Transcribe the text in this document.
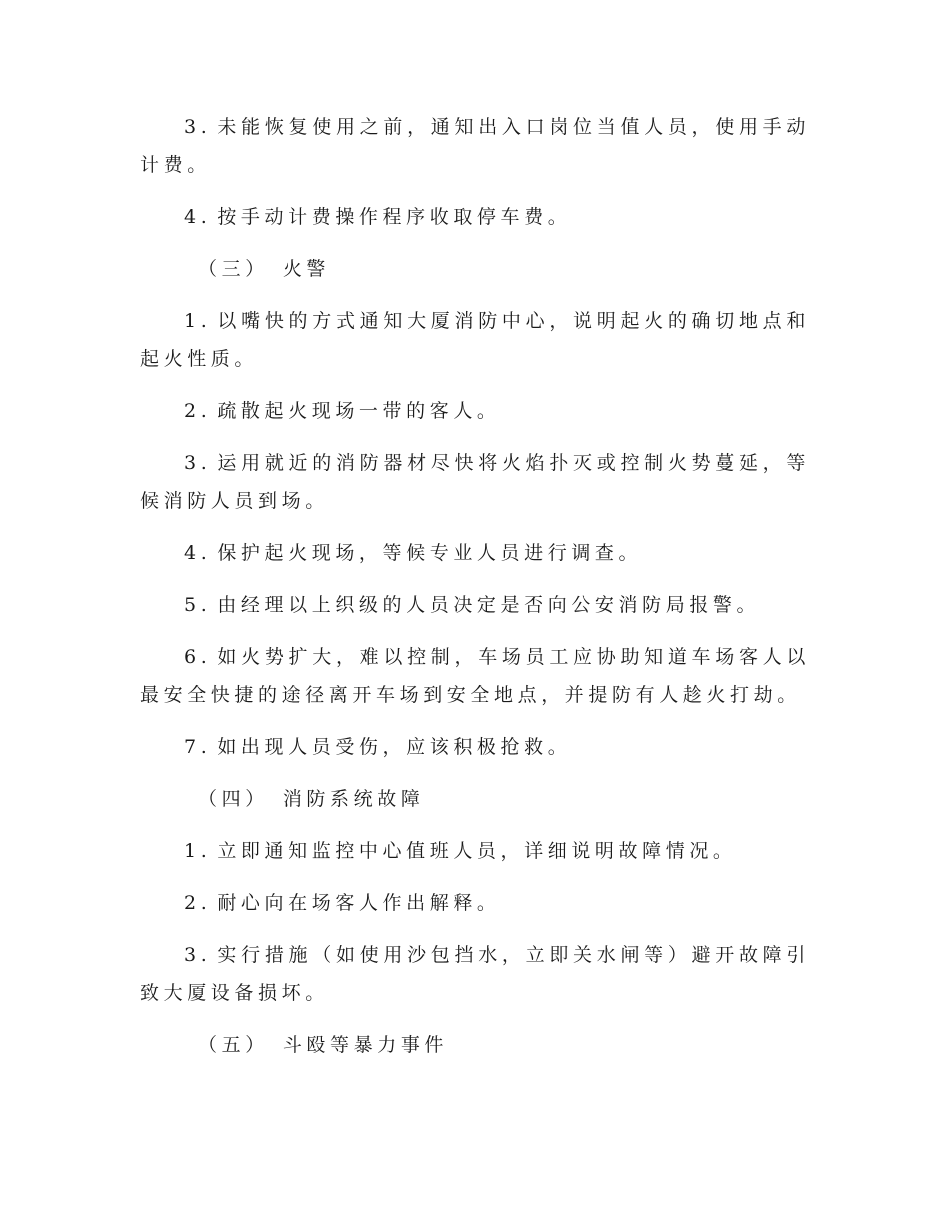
3. 未能恢复使用之前，通知出入口岗位当值人员，使用手动计费。

4. 按手动计费操作程序收取停车费。

（三） 火警

1. 以嘴快的方式通知大厦消防中心，说明起火的确切地点和起火性质。

2. 疏散起火现场一带的客人。

3. 运用就近的消防器材尽快将火焰扑灭或控制火势蔓延，等候消防人员到场。

4. 保护起火现场，等候专业人员进行调查。

5. 由经理以上织级的人员决定是否向公安消防局报警。

6. 如火势扩大，难以控制，车场员工应协助知道车场客人以最安全快捷的途径离开车场到安全地点，并提防有人趁火打劫。

7. 如出现人员受伤，应该积极抢救。

（四） 消防系统故障

1. 立即通知监控中心值班人员，详细说明故障情况。

2. 耐心向在场客人作出解释。

3. 实行措施（如使用沙包挡水，立即关水闸等）避开故障引致大厦设备损坏。

（五） 斗殴等暴力事件
